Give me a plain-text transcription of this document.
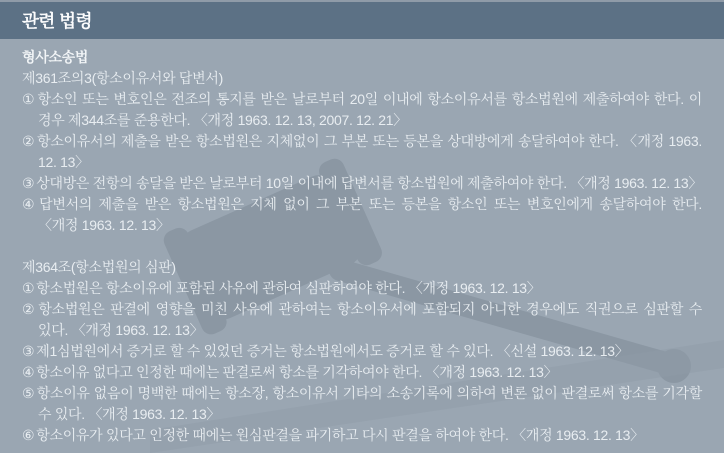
관련 법령
형사소송법
제361조의3(항소이유서와 답변서)
① 항소인 또는 변호인은 전조의 통지를 받은 날로부터 20일 이내에 항소이유서를 항소법원에 제출하여야 한다. 이 경우 제344조를 준용한다. 〈개정 1963. 12. 13, 2007. 12. 21〉
② 항소이유서의 제출을 받은 항소법원은 지체없이 그 부본 또는 등본을 상대방에게 송달하여야 한다. 〈개정 1963. 12. 13〉
③ 상대방은 전항의 송달을 받은 날로부터 10일 이내에 답변서를 항소법원에 제출하여야 한다. 〈개정 1963. 12. 13〉
④ 답변서의 제출을 받은 항소법원은 지체 없이 그 부본 또는 등본을 항소인 또는 변호인에게 송달하여야 한다. 〈개정 1963. 12. 13〉
제364조(항소법원의 심판)
① 항소법원은 항소이유에 포함된 사유에 관하여 심판하여야 한다. 〈개정 1963. 12. 13〉
② 항소법원은 판결에 영향을 미친 사유에 관하여는 항소이유서에 포함되지 아니한 경우에도 직권으로 심판할 수 있다. 〈개정 1963. 12. 13〉
③ 제1심법원에서 증거로 할 수 있었던 증거는 항소법원에서도 증거로 할 수 있다. 〈신설 1963. 12. 13〉
④ 항소이유 없다고 인정한 때에는 판결로써 항소를 기각하여야 한다. 〈개정 1963. 12. 13〉
⑤ 항소이유 없음이 명백한 때에는 항소장, 항소이유서 기타의 소송기록에 의하여 변론 없이 판결로써 항소를 기각할 수 있다. 〈개정 1963. 12. 13〉
⑥ 항소이유가 있다고 인정한 때에는 원심판결을 파기하고 다시 판결을 하여야 한다. 〈개정 1963. 12. 13〉
